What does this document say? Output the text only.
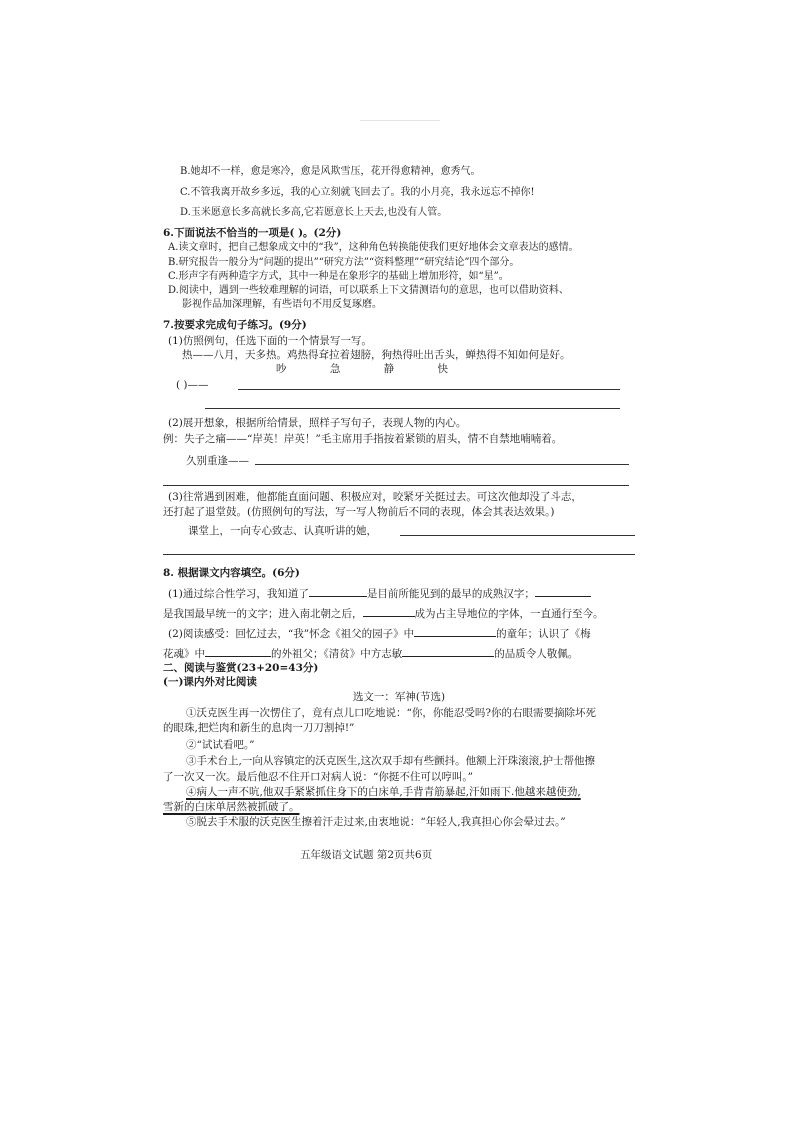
B.她却不一样，愈是寒冷，愈是风欺雪压，花开得愈精神，愈秀气。
C.不管我离开故乡多远，我的心立刻就飞回去了。我的小月亮，我永远忘不掉你!
D.玉米愿意长多高就长多高,它若愿意长上天去,也没有人管。
6.下面说法不恰当的一项是( )。(2分)
A.读文章时，把自己想象成文中的“我”，这种角色转换能使我们更好地体会文章表达的感情。
B.研究报告一般分为“问题的提出”“研究方法”“资料整理”“研究结论”四个部分。
C.形声字有两种造字方式，其中一种是在象形字的基础上增加形符，如“星”。
D.阅读中，遇到一些较难理解的词语，可以联系上下文猜测语句的意思，也可以借助资料、
影视作品加深理解，有些语句不用反复琢磨。
7.按要求完成句子练习。(9分)
(1)仿照例句，任选下面的一个情景写一写。
热——八月，天多热。鸡热得耷拉着翅膀，狗热得吐出舌头，蝉热得不知如何是好。
吵	急	静	快
( )——
(2)展开想象，根据所给情景，照样子写句子，表现人物的内心。
例：失子之痛——“岸英！岸英！”毛主席用手指按着紧锁的眉头，情不自禁地喃喃着。
久别重逢——
(3)往常遇到困难，他都能直面问题、积极应对，咬紧牙关挺过去。可这次他却没了斗志，
还打起了退堂鼓。(仿照例句的写法，写一写人物前后不同的表现，体会其表达效果。)
课堂上，一向专心致志、认真听讲的她，
8. 根据课文内容填空。(6分)
(1)通过综合性学习，我知道了	是目前所能见到的最早的成熟汉字；
是我国最早统一的文字；进入南北朝之后，	成为占主导地位的字体，一直通行至今。
(2)阅读感受：回忆过去，“我”怀念《祖父的园子》中	的童年；认识了《梅
花魂》中	的外祖父；《清贫》中方志敏	的品质令人敬佩。
二、阅读与鉴赏(23+20=43分)
(一)课内外对比阅读
选文一：军神(节选)
①沃克医生再一次愣住了，竟有点儿口吃地说：“你，你能忍受吗?你的右眼需要摘除坏死
的眼珠,把烂肉和新生的息肉一刀刀割掉!”
②“试试看吧。”
③手术台上,一向从容镇定的沃克医生,这次双手却有些颤抖。他额上汗珠滚滚,护士帮他擦
了一次又一次。最后他忍不住开口对病人说：“你挺不住可以哼叫。”
④病人一声不吭,他双手紧紧抓住身下的白床单,手背青筋暴起,汗如雨下.他越来越使劲,
雪新的白床单居然被抓破了。
⑤脱去手术服的沃克医生擦着汗走过来,由衷地说：“年轻人,我真担心你会晕过去。”
五年级语文试题 第2页共6页
